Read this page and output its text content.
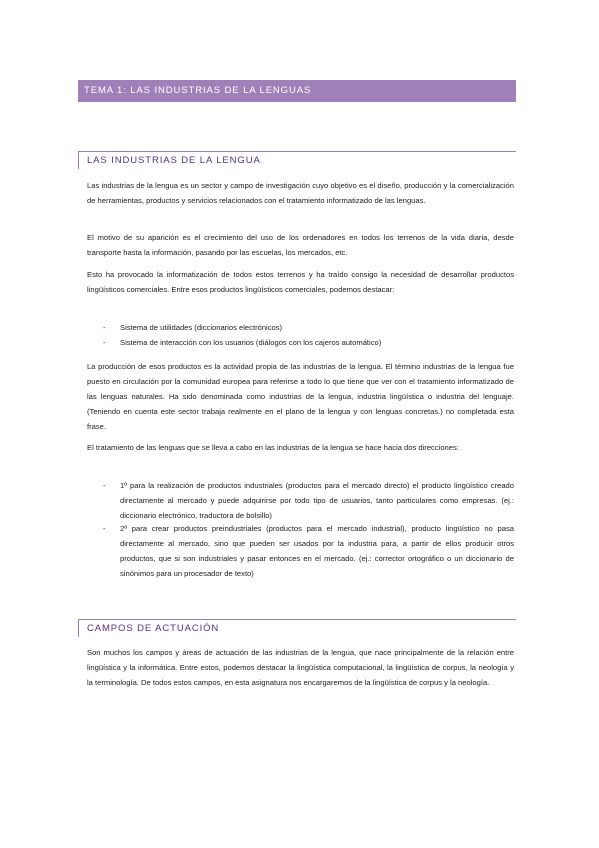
TEMA 1: LAS INDUSTRIAS DE LA LENGUAS
LAS INDUSTRIAS DE LA LENGUA

Las industrias de la lengua es un sector y campo de investigación cuyo objetivo es el diseño, producción y la comercialización de herramientas, productos y servicios relacionados con el tratamiento informatizado de las lenguas.

El motivo de su aparición es el crecimiento del uso de los ordenadores en todos los terrenos de la vida diaria, desde transporte hasta la información, pasando por las escuelas, los mercados, etc.

Esto ha provocado la informatización de todos estos terrenos y ha traído consigo la necesidad de desarrollar productos lingüísticos comerciales. Entre esos productos lingüísticos comerciales, podemos destacar:

- Sistema de utilidades (diccionarios electrónicos)
- Sistema de interacción con los usuarios (diálogos con los cajeros automático)

La producción de esos productos es la actividad propia de las industrias de la lengua. El término industrias de la lengua fue puesto en circulación por la comunidad europea para referirse a todo lo que tiene que ver con el tratamiento informatizado de las lenguas naturales. Ha sido denominada como industrias de la lengua, industria lingüística o industria del lenguaje. (Teniendo en cuenta este sector trabaja realmente en el plano de la lengua y con lenguas concretas.) no completada esta frase.

El tratamiento de las lenguas que se lleva a cabo en las industrias de la lengua se hace hacia dos direcciones:

- 1º para la realización de productos industriales (productos para el mercado directo) el producto lingüístico creado directamente al mercado y puede adquirirse por todo tipo de usuarios, tanto particulares como empresas. (ej.: diccionario electrónico, traductora de bolsillo)
- 2º para crear productos preindustriales (productos para el mercado industrial), producto lingüístico no pasa directamente al mercado, sino que pueden ser usados por la industria para, a partir de ellos producir otros productos, que si son industriales y pasar entonces en el mercado. (ej.: corrector ortográfico o un diccionario de sinónimos para un procesador de texto)
CAMPOS DE ACTUACIÓN

Son muchos los campos y áreas de actuación de las industrias de la lengua, que nace principalmente de la relación entre lingüística y la informática. Entre estos, podemos destacar la lingüística computacional, la lingüística de corpus, la neología y la terminología. De todos estos campos, en esta asignatura nos encargaremos de la lingüística de corpus y la neología.
